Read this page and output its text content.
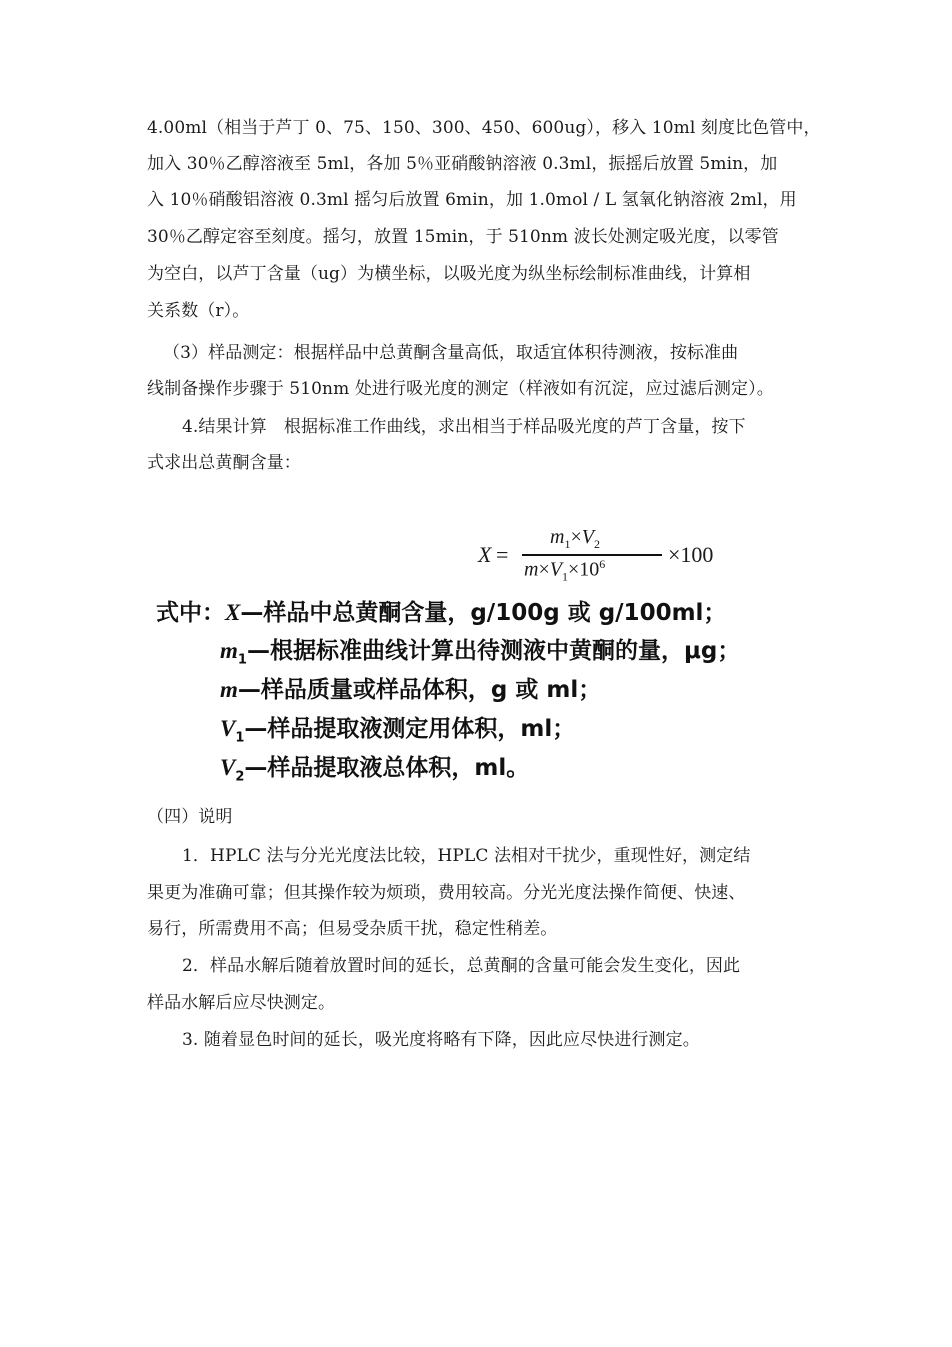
4.00ml（相当于芦丁 0、75、150、300、450、600ug），移入 10ml 刻度比色管中，
加入 30％乙醇溶液至 5ml，各加 5％亚硝酸钠溶液 0.3ml，振摇后放置 5min，加
入 10％硝酸铝溶液 0.3ml 摇匀后放置 6min，加 1.0mol / L 氢氧化钠溶液 2ml，用
30％乙醇定容至刻度。摇匀，放置 15min，于 510nm 波长处测定吸光度，以零管
为空白，以芦丁含量（ug）为横坐标，以吸光度为纵坐标绘制标准曲线，计算相
关系数（r）。
（3）样品测定：根据样品中总黄酮含量高低，取适宜体积待测液，按标准曲
线制备操作步骤于 510nm 处进行吸光度的测定（样液如有沉淀，应过滤后测定）。
4.结果计算　根据标准工作曲线，求出相当于样品吸光度的芦丁含量，按下
式求出总黄酮含量：
X =
$m_1\times V_2$
$m\times V_1\times 10^6$	×100
式中：X—样品中总黄酮含量，g/100g 或 g/100ml；
$m_1—$根据标准曲线计算出待测液中黄酮的量，μg；
m—样品质量或样品体积，g 或 ml；
$V_1—$样品提取液测定用体积，ml；
$V_2—$样品提取液总体积，ml。
（四）说明
1．HPLC 法与分光光度法比较，HPLC 法相对干扰少，重现性好，测定结
果更为准确可靠；但其操作较为烦琐，费用较高。分光光度法操作简便、快速、
易行，所需费用不高；但易受杂质干扰，稳定性稍差。
2．样品水解后随着放置时间的延长，总黄酮的含量可能会发生变化，因此
样品水解后应尽快测定。
3. 随着显色时间的延长，吸光度将略有下降，因此应尽快进行测定。
